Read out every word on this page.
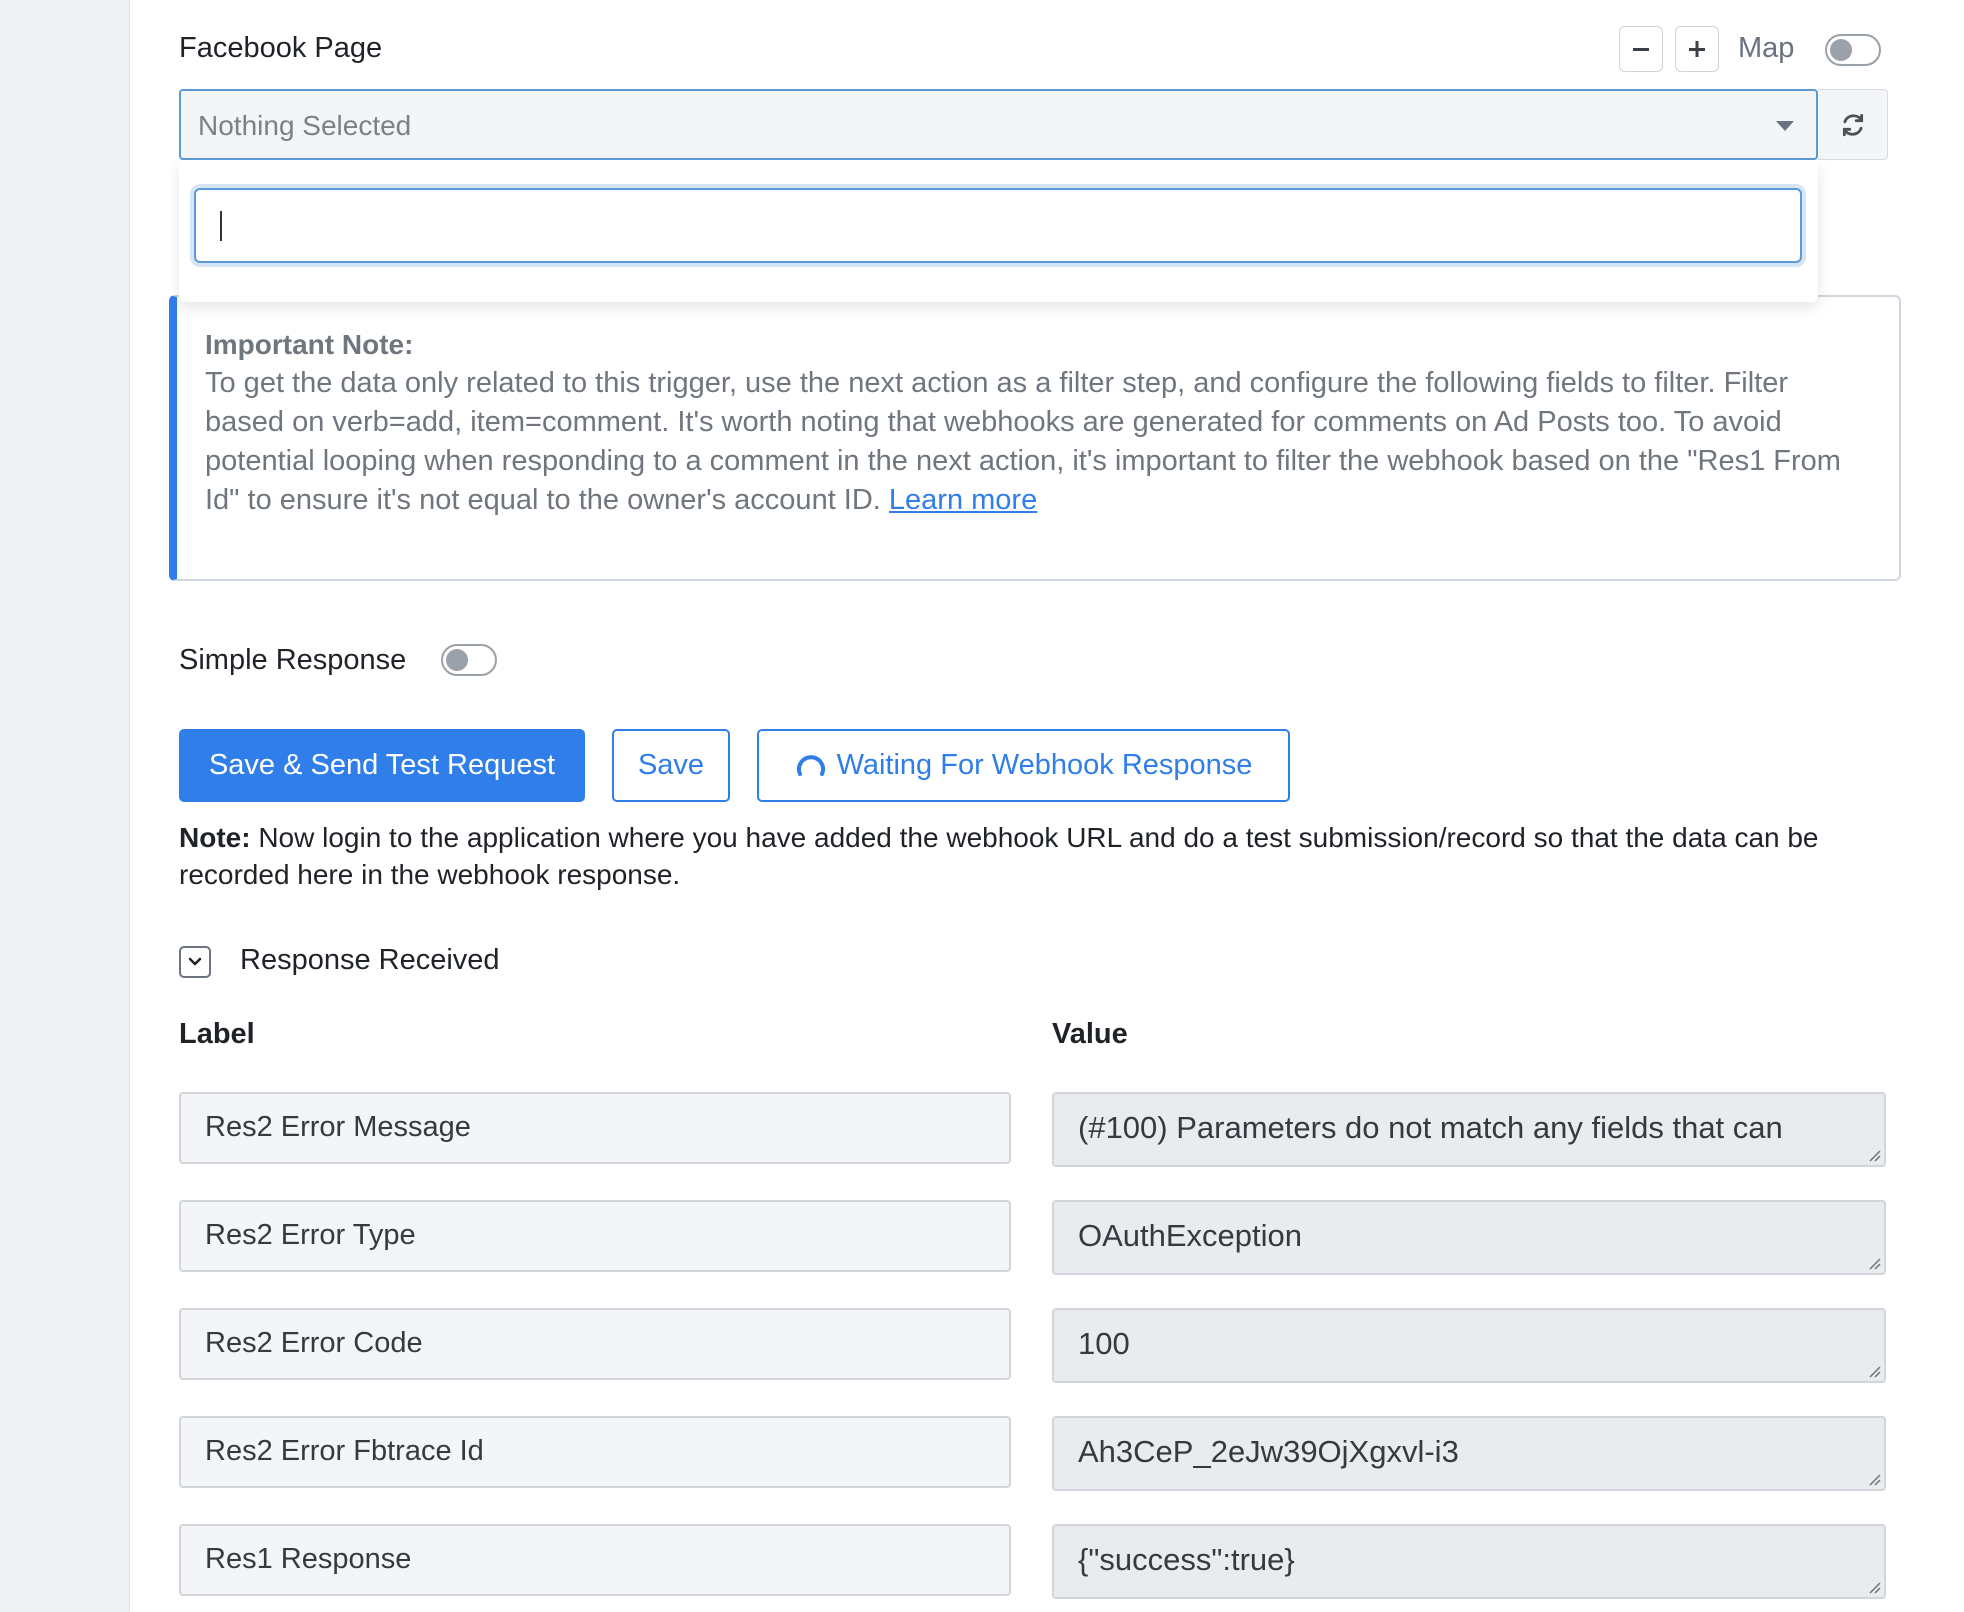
Facebook Page	Map
Nothing Selected
Important Note:
To get the data only related to this trigger, use the next action as a filter step, and configure the following fields to filter. Filter based on verb=add, item=comment. It's worth noting that webhooks are generated for comments on Ad Posts too. To avoid potential looping when responding to a comment in the next action, it's important to filter the webhook based on the "Res1 From Id" to ensure it's not equal to the owner's account ID. Learn more
Simple Response
Save & Send Test Request	Save	Waiting For Webhook Response
Note: Now login to the application where you have added the webhook URL and do a test submission/record so that the data can be recorded here in the webhook response.
Response Received
Label	Value
Res2 Error Message	(#100) Parameters do not match any fields that can
Res2 Error Type	OAuthException
Res2 Error Code	100
Res2 Error Fbtrace Id	Ah3CeP_2eJw39OjXgxvl-i3
Res1 Response	{"success":true}
